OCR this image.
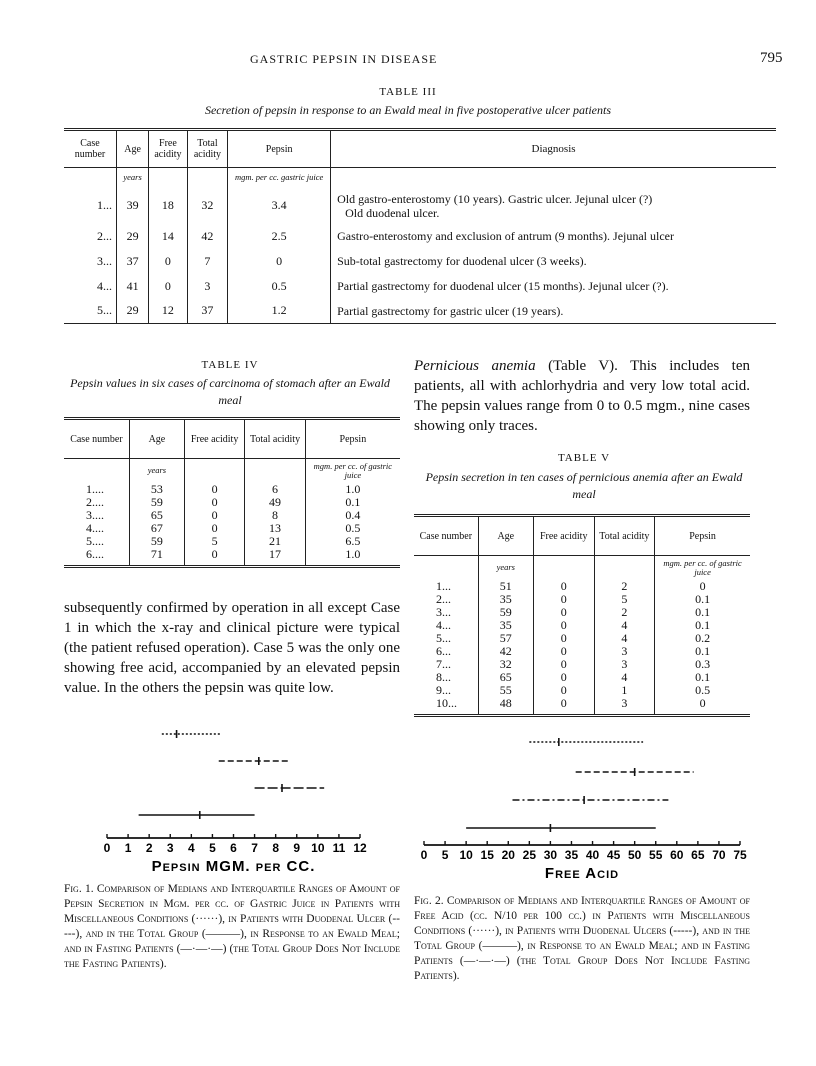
GASTRIC PEPSIN IN DISEASE	795
TABLE III
Secretion of pepsin in response to an Ewald meal in five postoperative ulcer patients
Case number	Age	Free acidity	Total acidity	Pepsin	Diagnosis
	years			mgm. per cc. gastric juice	
1...	39	18	32	3.4	Old gastro-enterostomy (10 years). Gastric ulcer. Jejunal ulcer (?)
Old duodenal ulcer.

2...	29	14	42	2.5	Gastro-enterostomy and exclusion of antrum (9 months). Jejunal ulcer

3...	37	0	7	0	Sub-total gastrectomy for duodenal ulcer (3 weeks).

4...	41	0	3	0.5	Partial gastrectomy for duodenal ulcer (15 months). Jejunal ulcer (?).

5...	29	12	37	1.2	Partial gastrectomy for gastric ulcer (19 years).
TABLE IV
Pepsin values in six cases of carcinoma of stomach after an Ewald meal
Case number	Age	Free acidity	Total acidity	Pepsin
	years			mgm. per cc. of gastric juice
1....	53	0	6	1.0
2....	59	0	49	0.1
3....	65	0	8	0.4
4....	67	0	13	0.5
5....	59	5	21	6.5
6....	71	0	17	1.0

subsequently confirmed by operation in all except Case 1 in which the x-ray and clinical picture were typical (the patient refused operation). Case 5 was the only one showing free acid, accompanied by an elevated pepsin value. In the others the pepsin was quite low.
Pernicious anemia (Table V). This includes ten patients, all with achlorhydria and very low total acid. The pepsin values range from 0 to 0.5 mgm., nine cases showing only traces.
TABLE V
Pepsin secretion in ten cases of pernicious anemia after an Ewald meal
Case number	Age	Free acidity	Total acidity	Pepsin
	years			mgm. per cc. of gastric juice
1...	51	0	2	0
2...	35	0	5	0.1
3...	59	0	2	0.1
4...	35	0	4	0.1
5...	57	0	4	0.2
6...	42	0	3	0.1
7...	32	0	3	0.3
8...	65	0	4	0.1
9...	55	0	1	0.5
10...	48	0	3	0

0 1 2 3 4 5 6 7 8 9 10 11 12
Pepsin MGM. per CC.
Fig. 1. Comparison of Medians and Interquartile Ranges of Amount of Pepsin Secretion in Mgm. per cc. of Gastric Juice in Patients with Miscellaneous Conditions (······), in Patients with Duodenal Ulcer (-----), and in the Total Group (———), in Response to an Ewald Meal; and in Fasting Patients (—·—·—) (the Total Group Does Not Include the Fasting Patients).
0 5 10 15 20 25 30 35 40 45 50 55 60 65 70 75
Free Acid
Fig. 2. Comparison of Medians and Interquartile Ranges of Amount of Free Acid (cc. N/10 per 100 cc.) in Patients with Miscellaneous Conditions (······), in Patients with Duodenal Ulcers (-----), and in the Total Group (———), in Response to an Ewald Meal; and in Fasting Patients (—·—·—) (the Total Group Does Not Include Fasting Patients).
